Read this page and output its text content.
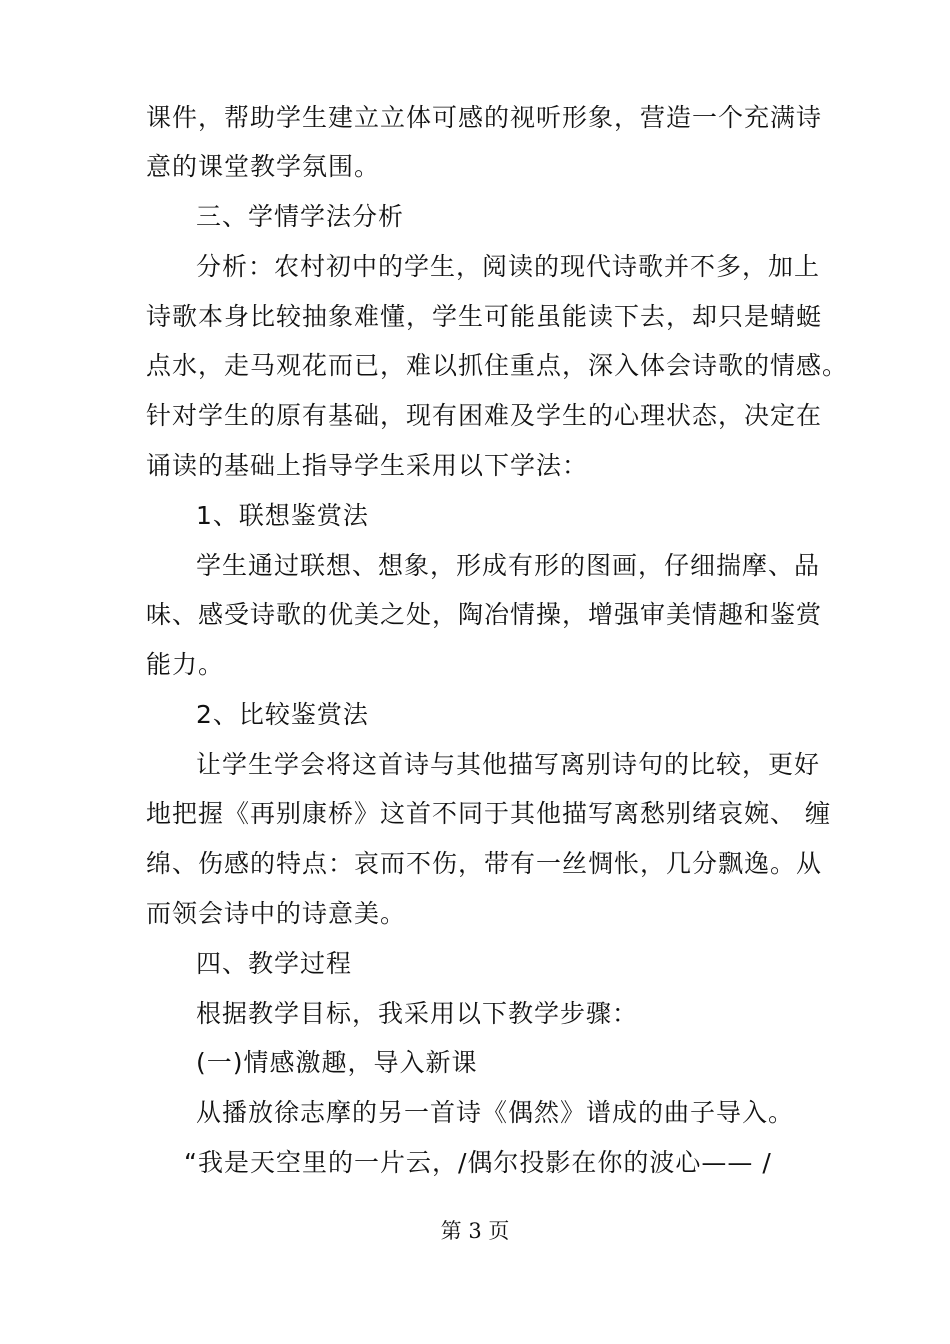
课件，帮助学生建立立体可感的视听形象，营造一个充满诗
意的课堂教学氛围。
三、学情学法分析
分析：农村初中的学生，阅读的现代诗歌并不多，加上
诗歌本身比较抽象难懂，学生可能虽能读下去，却只是蜻蜓
点水，走马观花而已，难以抓住重点，深入体会诗歌的情感。
针对学生的原有基础，现有困难及学生的心理状态，决定在
诵读的基础上指导学生采用以下学法：
1、联想鉴赏法
学生通过联想、想象，形成有形的图画，仔细揣摩、品
味、感受诗歌的优美之处，陶冶情操，增强审美情趣和鉴赏
能力。
2、比较鉴赏法
让学生学会将这首诗与其他描写离别诗句的比较，更好
地把握《再别康桥》这首不同于其他描写离愁别绪哀婉、 缠
绵、伤感的特点：哀而不伤，带有一丝惆怅，几分飘逸。从
而领会诗中的诗意美。
四、教学过程
根据教学目标，我采用以下教学步骤：
(一)情感激趣，导入新课
从播放徐志摩的另一首诗《偶然》谱成的曲子导入。
“我是天空里的一片云，/偶尔投影在你的波心—— /
第 3 页
